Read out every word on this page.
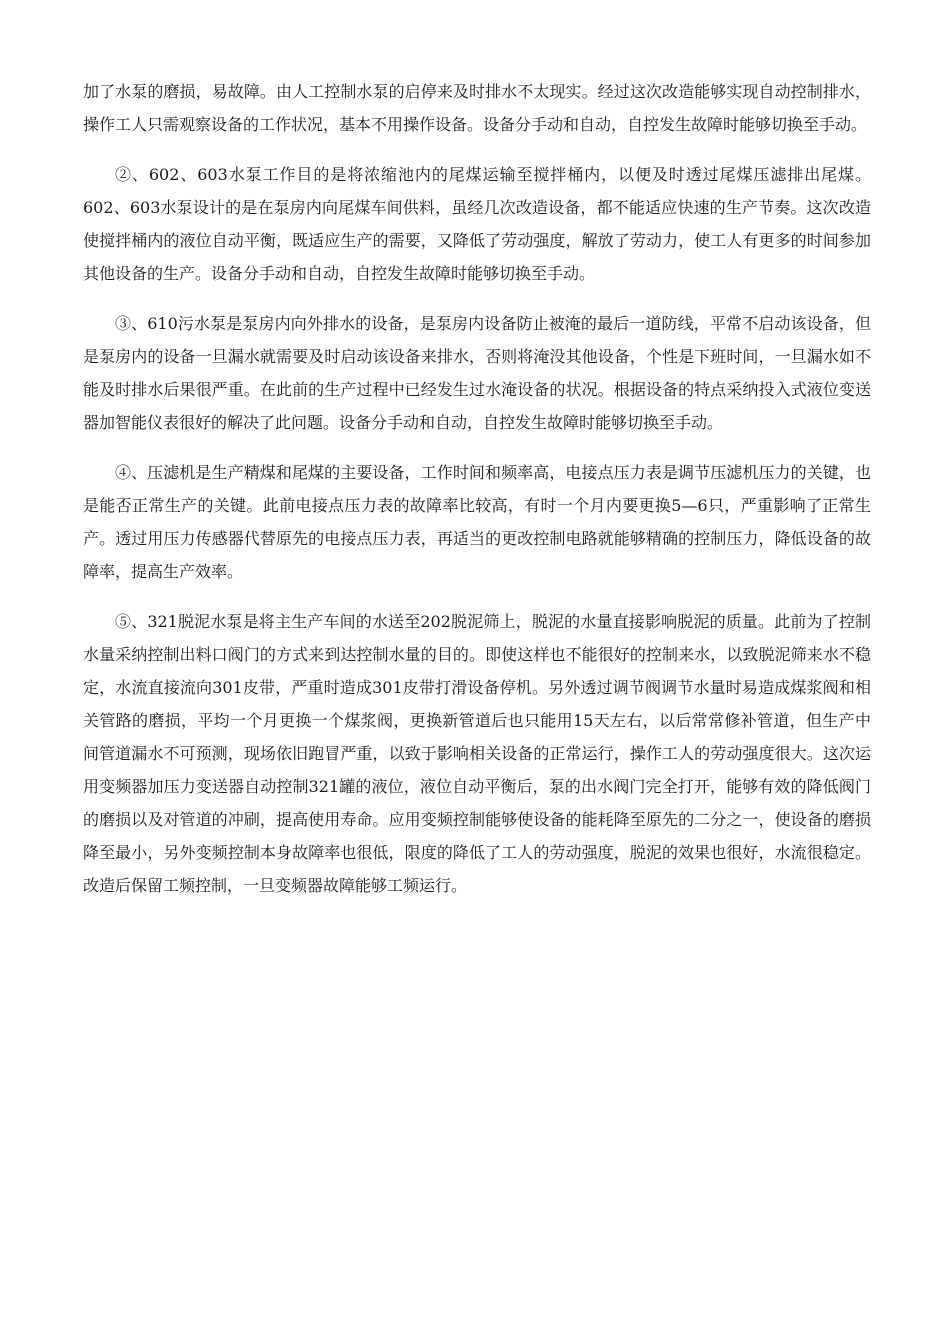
加了水泵的磨损，易故障。由人工控制水泵的启停来及时排水不太现实。经过这次改造能够实现自动控制排水，操作工人只需观察设备的工作状况，基本不用操作设备。设备分手动和自动，自控发生故障时能够切换至手动。

②、602、603水泵工作目的是将浓缩池内的尾煤运输至搅拌桶内，以便及时透过尾煤压滤排出尾煤。602、603水泵设计的是在泵房内向尾煤车间供料，虽经几次改造设备，都不能适应快速的生产节奏。这次改造使搅拌桶内的液位自动平衡，既适应生产的需要，又降低了劳动强度，解放了劳动力，使工人有更多的时间参加其他设备的生产。设备分手动和自动，自控发生故障时能够切换至手动。

③、610污水泵是泵房内向外排水的设备，是泵房内设备防止被淹的最后一道防线，平常不启动该设备，但是泵房内的设备一旦漏水就需要及时启动该设备来排水，否则将淹没其他设备，个性是下班时间，一旦漏水如不能及时排水后果很严重。在此前的生产过程中已经发生过水淹设备的状况。根据设备的特点采纳投入式液位变送器加智能仪表很好的解决了此问题。设备分手动和自动，自控发生故障时能够切换至手动。

④、压滤机是生产精煤和尾煤的主要设备，工作时间和频率高，电接点压力表是调节压滤机压力的关键，也是能否正常生产的关键。此前电接点压力表的故障率比较高，有时一个月内要更换5—6只，严重影响了正常生产。透过用压力传感器代替原先的电接点压力表，再适当的更改控制电路就能够精确的控制压力，降低设备的故障率，提高生产效率。

⑤、321脱泥水泵是将主生产车间的水送至202脱泥筛上，脱泥的水量直接影响脱泥的质量。此前为了控制水量采纳控制出料口阀门的方式来到达控制水量的目的。即使这样也不能很好的控制来水，以致脱泥筛来水不稳定，水流直接流向301皮带，严重时造成301皮带打滑设备停机。另外透过调节阀调节水量时易造成煤浆阀和相关管路的磨损，平均一个月更换一个煤浆阀，更换新管道后也只能用15天左右，以后常常修补管道，但生产中间管道漏水不可预测，现场依旧跑冒严重，以致于影响相关设备的正常运行，操作工人的劳动强度很大。这次运用变频器加压力变送器自动控制321罐的液位，液位自动平衡后，泵的出水阀门完全打开，能够有效的降低阀门的磨损以及对管道的冲刷，提高使用寿命。应用变频控制能够使设备的能耗降至原先的二分之一，使设备的磨损降至最小，另外变频控制本身故障率也很低，限度的降低了工人的劳动强度，脱泥的效果也很好，水流很稳定。改造后保留工频控制，一旦变频器故障能够工频运行。
